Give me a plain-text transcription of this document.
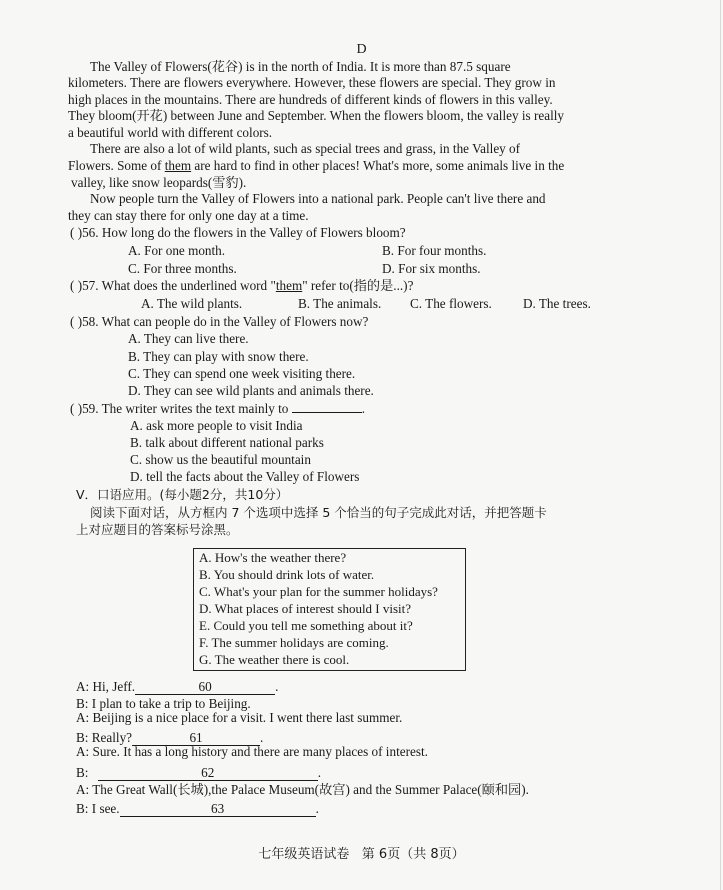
D
The Valley of Flowers(花谷) is in the north of India. It is more than 87.5 square
kilometers. There are flowers everywhere. However, these flowers are special. They grow in
high places in the mountains. There are hundreds of different kinds of flowers in this valley.
They bloom(开花) between June and September. When the flowers bloom, the valley is really
a beautiful world with different colors.
There are also a lot of wild plants, such as special trees and grass, in the Valley of
Flowers. Some of them are hard to find in other places! What's more, some animals live in the
valley, like snow leopards(雪豹).
Now people turn the Valley of Flowers into a national park. People can't live there and
they can stay there for only one day at a time.
( )56. How long do the flowers in the Valley of Flowers bloom?
A. For one month.	B. For four months.
C. For three months.	D. For six months.
( )57. What does the underlined word "them" refer to(指的是...)?
A. The wild plants.	B. The animals. C. The flowers. D. The trees.
( )58. What can people do in the Valley of Flowers now?
A. They can live there.
B. They can play with snow there.
C. They can spend one week visiting there.
D. They can see wild plants and animals there.
( )59. The writer writes the text mainly to	.
A. ask more people to visit India
B. talk about different national parks
C. show us the beautiful mountain
D. tell the facts about the Valley of Flowers
V．口语应用。(每小题2分，共10分）
阅读下面对话，从方框内 7 个选项中选择 5 个恰当的句子完成此对话，并把答题卡
上对应题目的答案标号涂黑。
A. How's the weather there?
B. You should drink lots of water.
C. What's your plan for the summer holidays?
D. What places of interest should I visit?
E. Could you tell me something about it?
F. The summer holidays are coming.
G. The weather there is cool.
A: Hi, Jeff.	60	.
B: I plan to take a trip to Beijing.
A: Beijing is a nice place for a visit. I went there last summer.
B: Really?	61	.
A: Sure. It has a long history and there are many places of interest.
B:	62	.
A: The Great Wall(长城),the Palace Museum(故宫) and the Summer Palace(颐和园).
B: I see.	63	.
七年级英语试卷   第 6页（共 8页）
